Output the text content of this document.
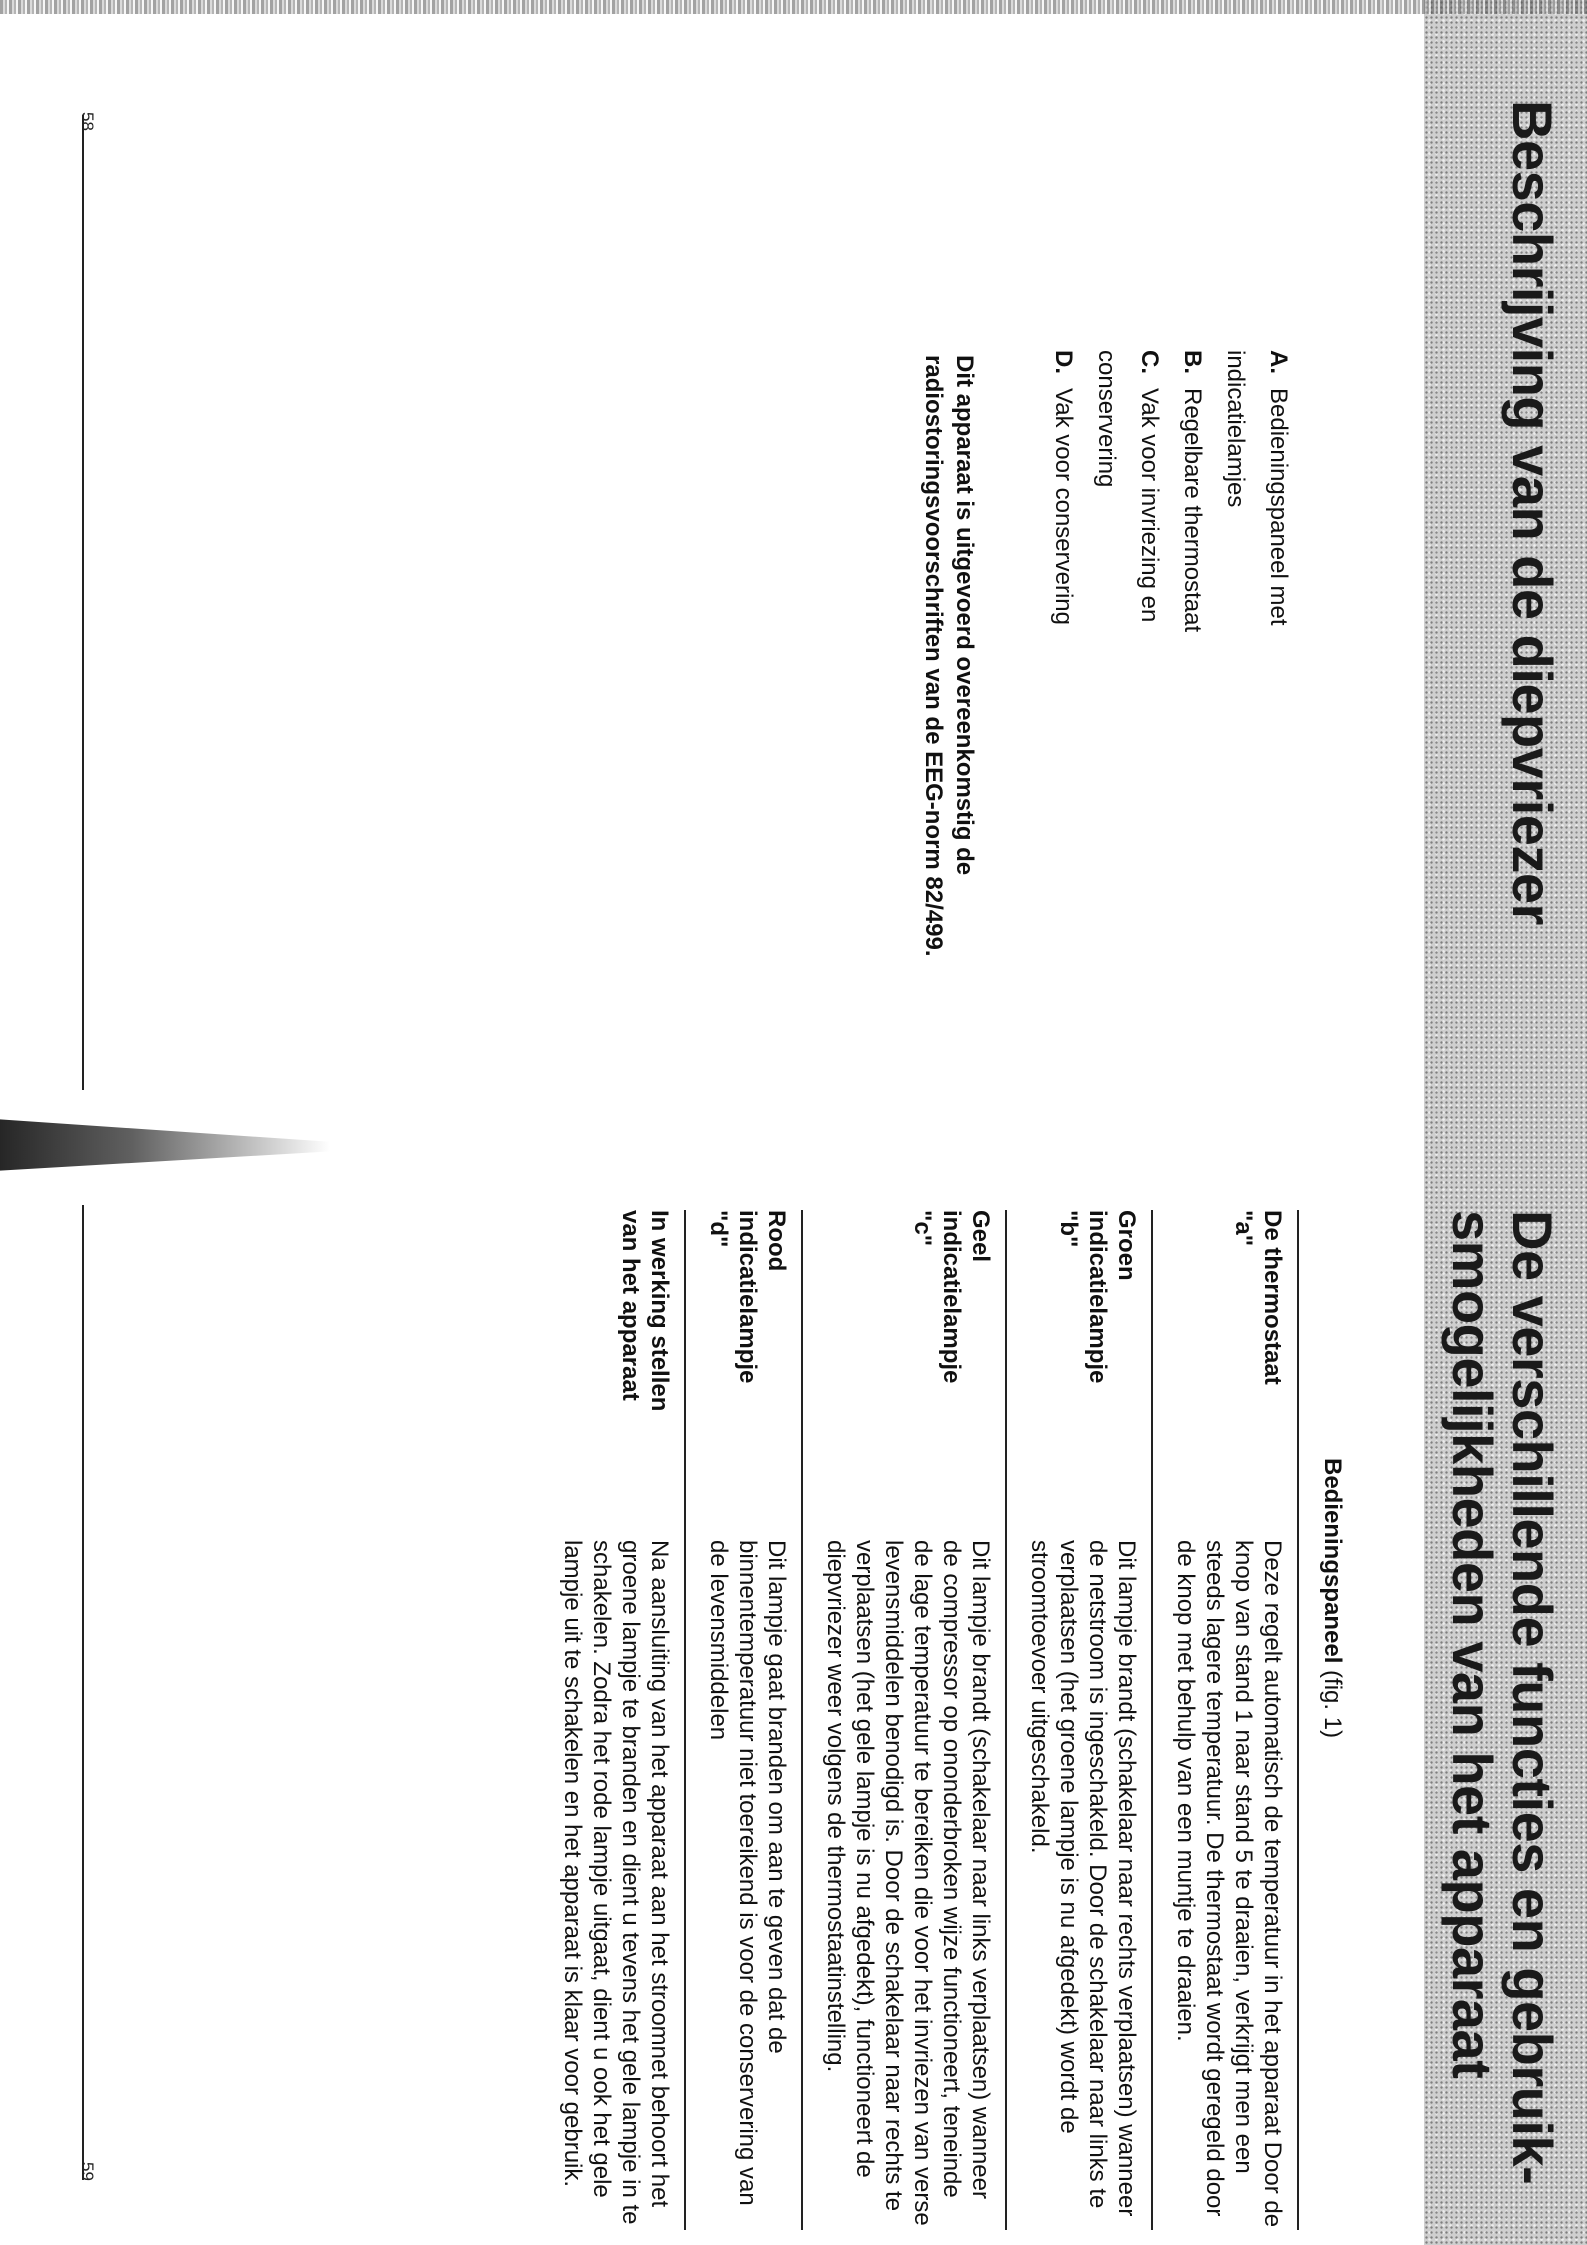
Beschrijving van de diepvriezer
A.Bedieningspaneel met indicatielamjes
B.Regelbare thermostaat
C.Vak voor invriezing en conservering
D.Vak voor conservering
Dit apparaat is uitgevoerd overeenkomstig de
radiostoringsvoorschriften van de EEG-norm 82/499.
58
De verschillende functies en gebruik-
smogelijkheden van het apparaat
Bedieningspaneel (fig. 1)
De thermostaat
"a"
Deze regelt automatisch de temperatuur in het apparaat Door de knop van stand 1 naar stand 5 te draaien, verkrijgt men een steeds lagere temperatuur. De thermostaat wordt geregeld door de knop met behulp van een muntje te draaien.
Groen
indicatielampje
"b"
Dit lampje brandt (schakelaar naar rechts verplaatsen) wanneer de netstroom is ingeschakeld. Door de schakelaar naar links te verplaatsen (het groene lampje is nu afgedekt) wordt de stroomtoevoer uitgeschakeld.
Geel
indicatielampje
"c"
Dit lampje brandt (schakelaar naar links verplaatsen) wanneer de compressor op ononderbroken wijze functioneert, teneinde de lage temperatuur te bereiken die voor het invriezen van verse levensmiddelen benodigd is. Door de schakelaar naar rechts te verplaatsen (het gele lampje is nu afgedekt), functioneert de diepvriezer weer volgens de thermostaatinstelling.
Rood
indicatielampje
"d"
Dit lampje gaat branden om aan te geven dat de binnentemperatuur niet toereikend is voor de conservering van de levensmiddelen
In werking stellen
van het apparaat
Na aansluiting van het apparaat aan het stroomnet behoort het groene lampje te branden en dient u tevens het gele lampje in te schakelen. Zodra het rode lampje uitgaat, dient u ook het gele lampje uit te schakelen en het apparaat is klaar voor gebruik.
59
